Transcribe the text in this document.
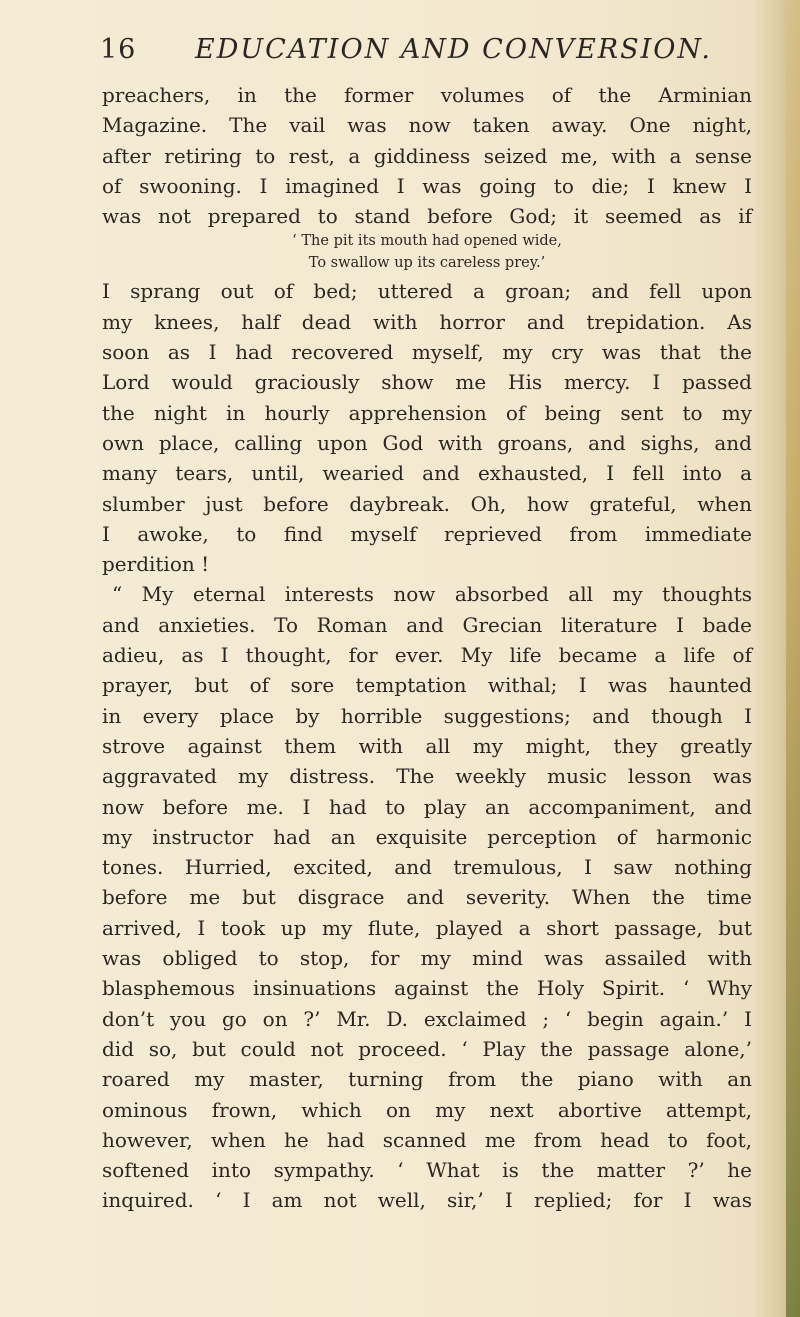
16 EDUCATION AND CONVERSION.
preachers, in the former volumes of the Arminian
Magazine. The vail was now taken away. One night,
after retiring to rest, a giddiness seized me, with a sense
of swooning. I imagined I was going to die; I knew I
was not prepared to stand before God; it seemed as if
‘ The pit its mouth had opened wide,
To swallow up its careless prey.’
I sprang out of bed; uttered a groan; and fell upon
my knees, half dead with horror and trepidation. As
soon as I had recovered myself, my cry was that the
Lord would graciously show me His mercy. I passed
the night in hourly apprehension of being sent to my
own place, calling upon God with groans, and sighs, and
many tears, until, wearied and exhausted, I fell into a
slumber just before daybreak. Oh, how grateful, when
I awoke, to find myself reprieved from immediate
perdition !
“ My eternal interests now absorbed all my thoughts
and anxieties. To Roman and Grecian literature I bade
adieu, as I thought, for ever. My life became a life of
prayer, but of sore temptation withal; I was haunted
in every place by horrible suggestions; and though I
strove against them with all my might, they greatly
aggravated my distress. The weekly music lesson was
now before me. I had to play an accompaniment, and
my instructor had an exquisite perception of harmonic
tones. Hurried, excited, and tremulous, I saw nothing
before me but disgrace and severity. When the time
arrived, I took up my flute, played a short passage, but
was obliged to stop, for my mind was assailed with
blasphemous insinuations against the Holy Spirit. ‘ Why
don’t you go on ?’ Mr. D. exclaimed ; ‘ begin again.’ I
did so, but could not proceed. ‘ Play the passage alone,’
roared my master, turning from the piano with an
ominous frown, which on my next abortive attempt,
however, when he had scanned me from head to foot,
softened into sympathy. ‘ What is the matter ?’ he
inquired. ‘ I am not well, sir,’ I replied; for I was
